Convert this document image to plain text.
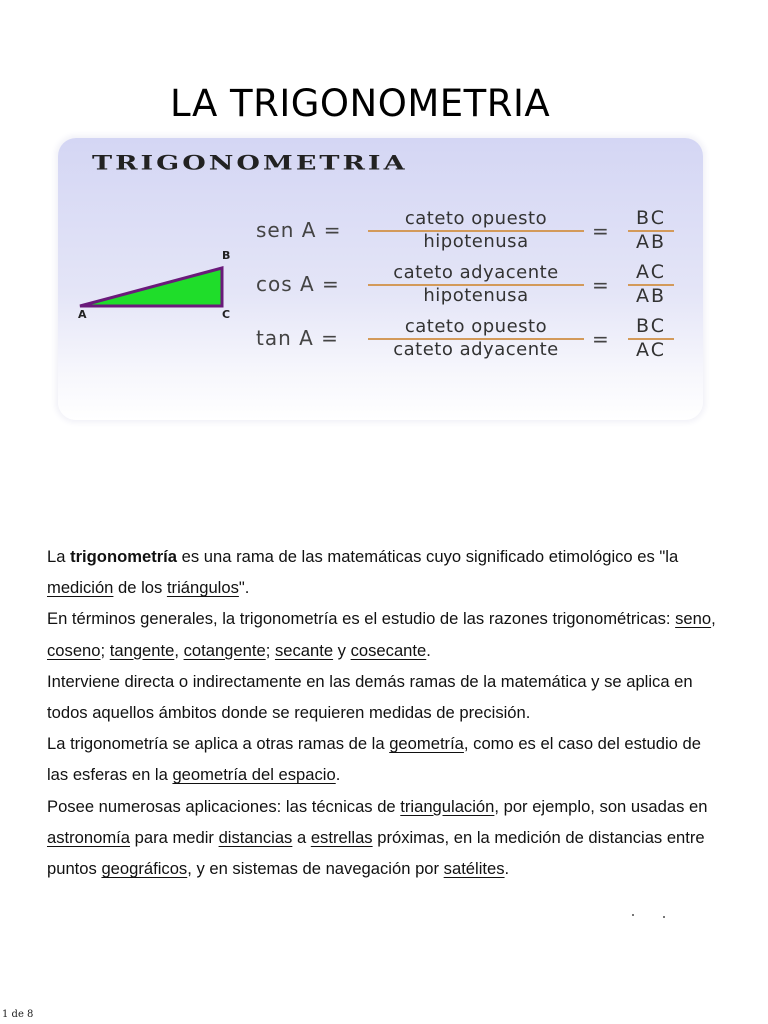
LA TRIGONOMETRIA
TRIGONOMETRIA
B
A	C
sen A =	cateto opuesto
hipotenusa	=
BC
AB
cos A =	cateto adyacente
hipotenusa	=
AC
AB
tan A =	cateto opuesto
cateto adyacente	=
BC
AC

La trigonometría es una rama de las matemáticas cuyo significado etimológico es "la medición de los triángulos".

En términos generales, la trigonometría es el estudio de las razones trigonométricas: seno, coseno; tangente, cotangente; secante y cosecante.

Interviene directa o indirectamente en las demás ramas de la matemática y se aplica en todos aquellos ámbitos donde se requieren medidas de precisión.

La trigonometría se aplica a otras ramas de la geometría, como es el caso del estudio de las esferas en la geometría del espacio.

Posee numerosas aplicaciones: las técnicas de triangulación, por ejemplo, son usadas en astronomía para medir distancias a estrellas próximas, en la medición de distancias entre puntos geográficos, y en sistemas de navegación por satélites.

1 de 8
